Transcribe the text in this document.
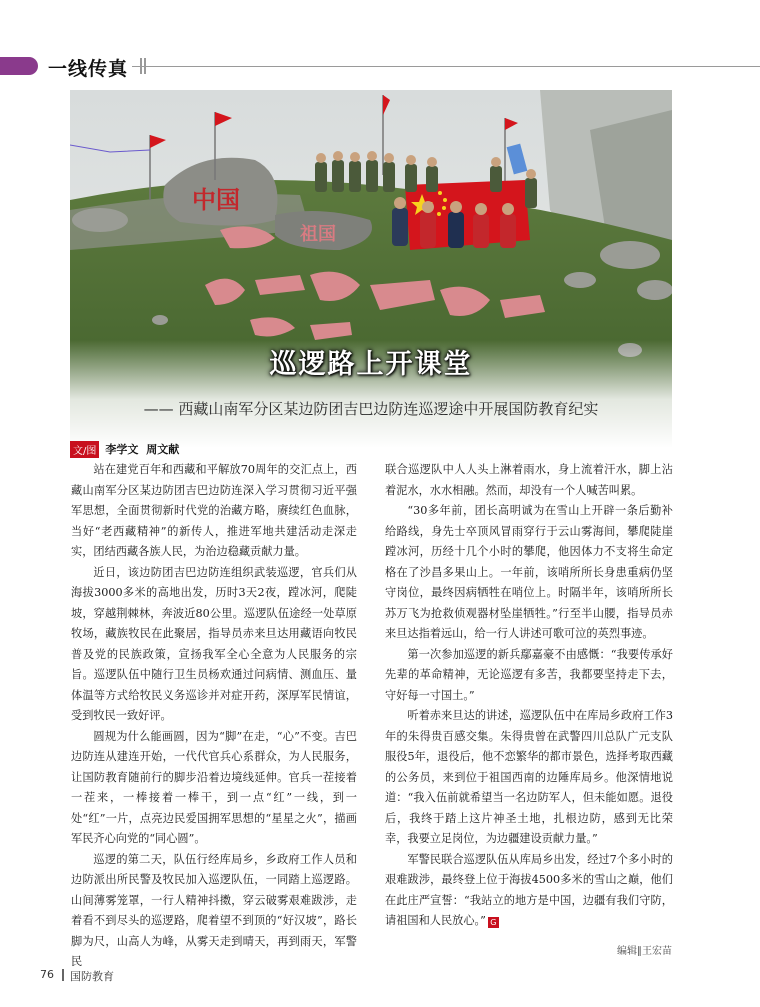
一线传真
中国
祖国
巡逻路上开课堂
—— 西藏山南军分区某边防团吉巴边防连巡逻途中开展国防教育纪实
文/图 李学文 周文献

站在建党百年和西藏和平解放70周年的交汇点上，西藏山南军分区某边防团吉巴边防连深入学习贯彻习近平强军思想，全面贯彻新时代党的治藏方略，赓续红色血脉，当好“老西藏精神”的新传人，推进军地共建活动走深走实，团结西藏各族人民，为治边稳藏贡献力量。

近日，该边防团吉巴边防连组织武装巡逻，官兵们从海拔3000多米的高地出发，历时3天2夜，蹚冰河，爬陡坡，穿越荆棘林，奔波近80公里。巡逻队伍途经一处草原牧场，藏族牧民在此聚居，指导员赤来旦达用藏语向牧民普及党的民族政策，宣扬我军全心全意为人民服务的宗旨。巡逻队伍中随行卫生员杨欢通过问病情、测血压、量体温等方式给牧民义务巡诊并对症开药，深厚军民情谊，受到牧民一致好评。

圆规为什么能画圆，因为“脚”在走，“心”不变。吉巴边防连从建连开始，一代代官兵心系群众，为人民服务，让国防教育随前行的脚步沿着边境线延伸。官兵一茬接着一茬来，一棒接着一棒干，到一点“红”一线，到一处“红”一片，点亮边民爱国拥军思想的“星星之火”，描画军民齐心向党的“同心圆”。

巡逻的第二天，队伍行经库局乡，乡政府工作人员和边防派出所民警及牧民加入巡逻队伍，一同踏上巡逻路。山间薄雾笼罩，一行人精神抖擞，穿云破雾艰难跋涉，走着看不到尽头的巡逻路，爬着望不到顶的“好汉坡”，路长脚为尺，山高人为峰，从雾天走到晴天，再到雨天，军警民

联合巡逻队中人人头上淋着雨水，身上流着汗水，脚上沾着泥水，水水相融。然而，却没有一个人喊苦叫累。

“30多年前，团长高明诚为在雪山上开辟一条后勤补给路线，身先士卒顶风冒雨穿行于云山雾海间，攀爬陡崖蹚冰河，历经十几个小时的攀爬，他因体力不支将生命定格在了沙昌多果山上。一年前，该哨所所长身患重病仍坚守岗位，最终因病牺牲在哨位上。时隔半年，该哨所所长苏万飞为抢救侦观器材坠崖牺牲。”行至半山腰，指导员赤来旦达指着远山，给一行人讲述可歌可泣的英烈事迹。

第一次参加巡逻的新兵鄢嘉豪不由感慨：“我要传承好先辈的革命精神，无论巡逻有多苦，我都要坚持走下去，守好每一寸国土。”

听着赤来旦达的讲述，巡逻队伍中在库局乡政府工作3年的朱得贵百感交集。朱得贵曾在武警四川总队广元支队服役5年，退役后，他不恋繁华的都市景色，选择考取西藏的公务员，来到位于祖国西南的边陲库局乡。他深情地说道：“我入伍前就希望当一名边防军人，但未能如愿。退役后，我终于踏上这片神圣土地，扎根边防，感到无比荣幸，我要立足岗位，为边疆建设贡献力量。”

军警民联合巡逻队伍从库局乡出发，经过7个多小时的艰难跋涉，最终登上位于海拔4500多米的雪山之巅，他们在此庄严宣誓：“我站立的地方是中国，边疆有我们守防，请祖国和人民放心。” G

编辑∥王宏苗
76 国防教育
